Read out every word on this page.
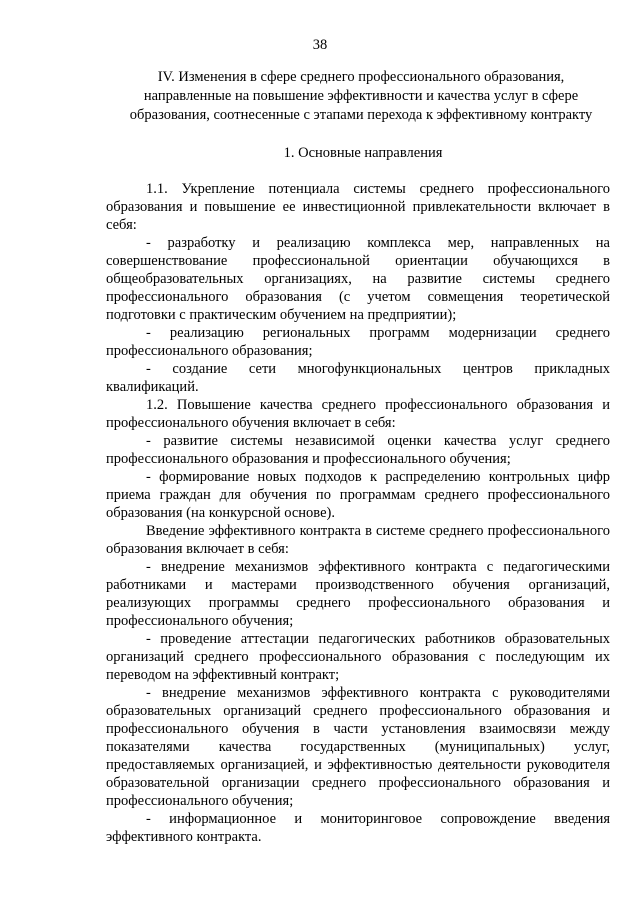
38
IV. Изменения в сфере среднего профессионального образования, направленные на повышение эффективности и качества услуг в сфере образования, соотнесенные с этапами перехода к эффективному контракту
1. Основные направления

1.1. Укрепление потенциала системы среднего профессионального образования и повышение ее инвестиционной привлекательности включает в себя:

- разработку и реализацию комплекса мер, направленных на совершенствование профессиональной ориентации обучающихся в общеобразовательных организациях, на развитие системы среднего профессионального образования (с учетом совмещения теоретической подготовки с практическим обучением на предприятии);

- реализацию региональных программ модернизации среднего профессионального образования;

- создание сети многофункциональных центров прикладных квалификаций.

1.2. Повышение качества среднего профессионального образования и профессионального обучения включает в себя:

- развитие системы независимой оценки качества услуг среднего профессионального образования и профессионального обучения;

- формирование новых подходов к распределению контрольных цифр приема граждан для обучения по программам среднего профессионального образования (на конкурсной основе).

Введение эффективного контракта в системе среднего профессионального образования включает в себя:

- внедрение механизмов эффективного контракта с педагогическими работниками и мастерами производственного обучения организаций, реализующих программы среднего профессионального образования и профессионального обучения;

- проведение аттестации педагогических работников образовательных организаций среднего профессионального образования с последующим их переводом на эффективный контракт;

- внедрение механизмов эффективного контракта с руководителями образовательных организаций среднего профессионального образования и профессионального обучения в части установления взаимосвязи между показателями качества государственных (муниципальных) услуг, предоставляемых организацией, и эффективностью деятельности руководителя образовательной организации среднего профессионального образования и профессионального обучения;

- информационное и мониторинговое сопровождение введения эффективного контракта.
